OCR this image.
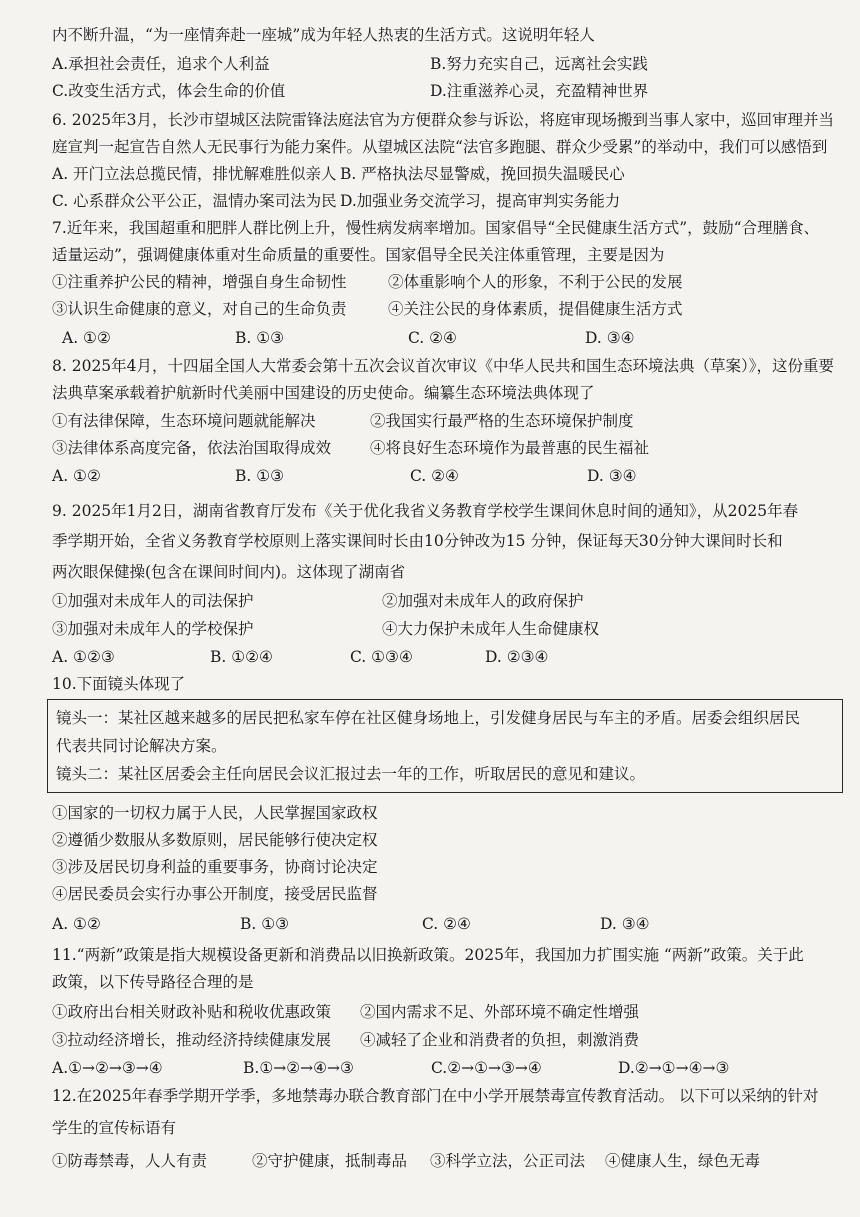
内不断升温，“为一座情奔赴一座城”成为年轻人热衷的生活方式。这说明年轻人
A.承担社会责任，追求个人利益	B.努力充实自己，远离社会实践
C.改变生活方式，体会生命的价值	D.注重滋养心灵，充盈精神世界
6. 2025年3月，长沙市望城区法院雷锋法庭法官为方便群众参与诉讼，将庭审现场搬到当事人家中，巡回审理并当
庭宣判一起宣告自然人无民事行为能力案件。从望城区法院“法官多跑腿、群众少受累”的举动中，我们可以感悟到
A. 开门立法总揽民情，排忧解难胜似亲人 B. 严格执法尽显警威，挽回损失温暖民心
C. 心系群众公平公正，温情办案司法为民 D.加强业务交流学习，提高审判实务能力
7.近年来，我国超重和肥胖人群比例上升，慢性病发病率增加。国家倡导“全民健康生活方式”，鼓励“合理膳食、
适量运动”，强调健康体重对生命质量的重要性。国家倡导全民关注体重管理，主要是因为
①注重养护公民的精神，增强自身生命韧性	②体重影响个人的形象，不利于公民的发展
③认识生命健康的意义，对自己的生命负责	④关注公民的身体素质，提倡健康生活方式
A. ①②	B. ①③	C. ②④	D. ③④
8. 2025年4月，十四届全国人大常委会第十五次会议首次审议《中华人民共和国生态环境法典（草案）》，这份重要
法典草案承载着护航新时代美丽中国建设的历史使命。编纂生态环境法典体现了
①有法律保障，生态环境问题就能解决	②我国实行最严格的生态环境保护制度
③法律体系高度完备，依法治国取得成效	④将良好生态环境作为最普惠的民生福祉
A. ①②	B. ①③	C. ②④	D. ③④
9. 2025年1月2日，湖南省教育厅发布《关于优化我省义务教育学校学生课间休息时间的通知》，从2025年春
季学期开始，全省义务教育学校原则上落实课间时长由10分钟改为15 分钟，保证每天30分钟大课间时长和
两次眼保健操(包含在课间时间内)。这体现了湖南省
①加强对未成年人的司法保护	②加强对未成年人的政府保护
③加强对未成年人的学校保护	④大力保护未成年人生命健康权
A. ①②③	B. ①②④	C. ①③④	D. ②③④
10.下面镜头体现了
镜头一：某社区越来越多的居民把私家车停在社区健身场地上，引发健身居民与车主的矛盾。居委会组织居民
代表共同讨论解决方案。
镜头二：某社区居委会主任向居民会议汇报过去一年的工作，听取居民的意见和建议。
①国家的一切权力属于人民，人民掌握国家政权
②遵循少数服从多数原则，居民能够行使决定权
③涉及居民切身利益的重要事务，协商讨论决定
④居民委员会实行办事公开制度，接受居民监督
A. ①②	B. ①③	C. ②④	D. ③④
11.“两新”政策是指大规模设备更新和消费品以旧换新政策。2025年，我国加力扩围实施 “两新”政策。关于此
政策，以下传导路径合理的是
①政府出台相关财政补贴和税收优惠政策 ②国内需求不足、外部环境不确定性增强
③拉动经济增长，推动经济持续健康发展 ④减轻了企业和消费者的负担，刺激消费
A.①→②→③→④	B.①→②→④→③	C.②→①→③→④	D.②→①→④→③
12.在2025年春季学期开学季，多地禁毒办联合教育部门在中小学开展禁毒宣传教育活动。 以下可以采纳的针对
学生的宣传标语有
①防毒禁毒，人人有责	②守护健康，抵制毒品 ③科学立法，公正司法 ④健康人生，绿色无毒
